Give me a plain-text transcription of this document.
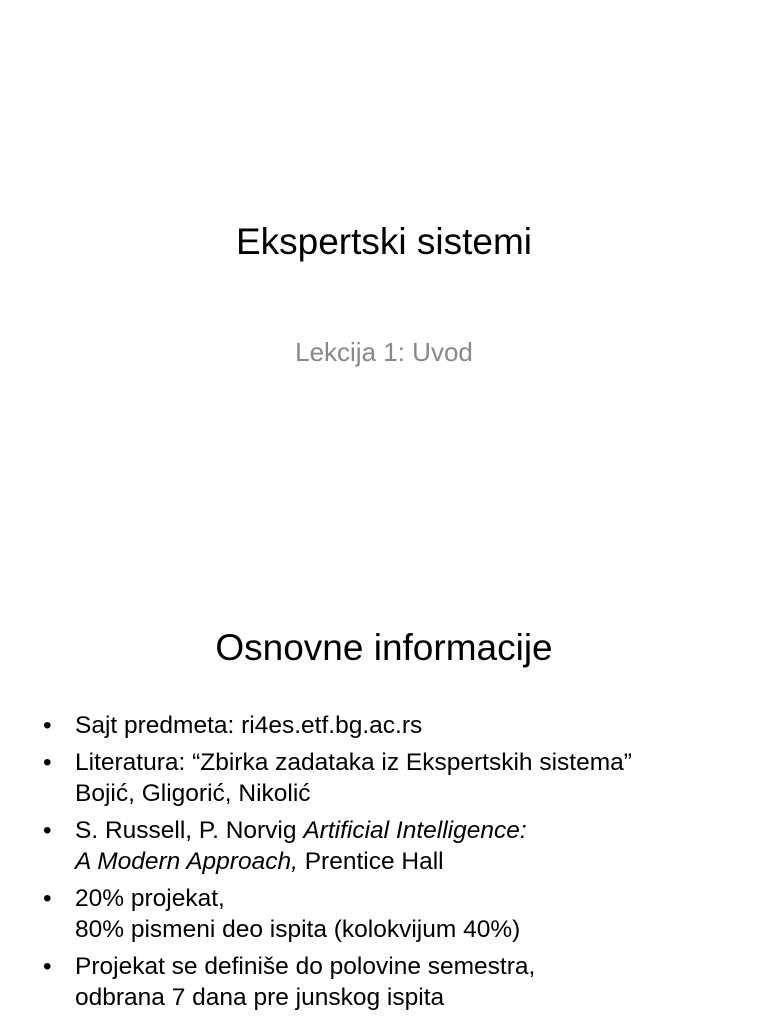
Ekspertski sistemi

Lekcija 1: Uvod

Osnovne informacije
• Sajt predmeta: ri4es.etf.bg.ac.rs
• Literatura: “Zbirka zadataka iz Ekspertskih sistema”
Bojić, Gligorić, Nikolić
• S. Russell, P. Norvig Artificial Intelligence:
A Modern Approach, Prentice Hall
• 20% projekat,
80% pismeni deo ispita (kolokvijum 40%)
• Projekat se definiše do polovine semestra,
odbrana 7 dana pre junskog ispita
